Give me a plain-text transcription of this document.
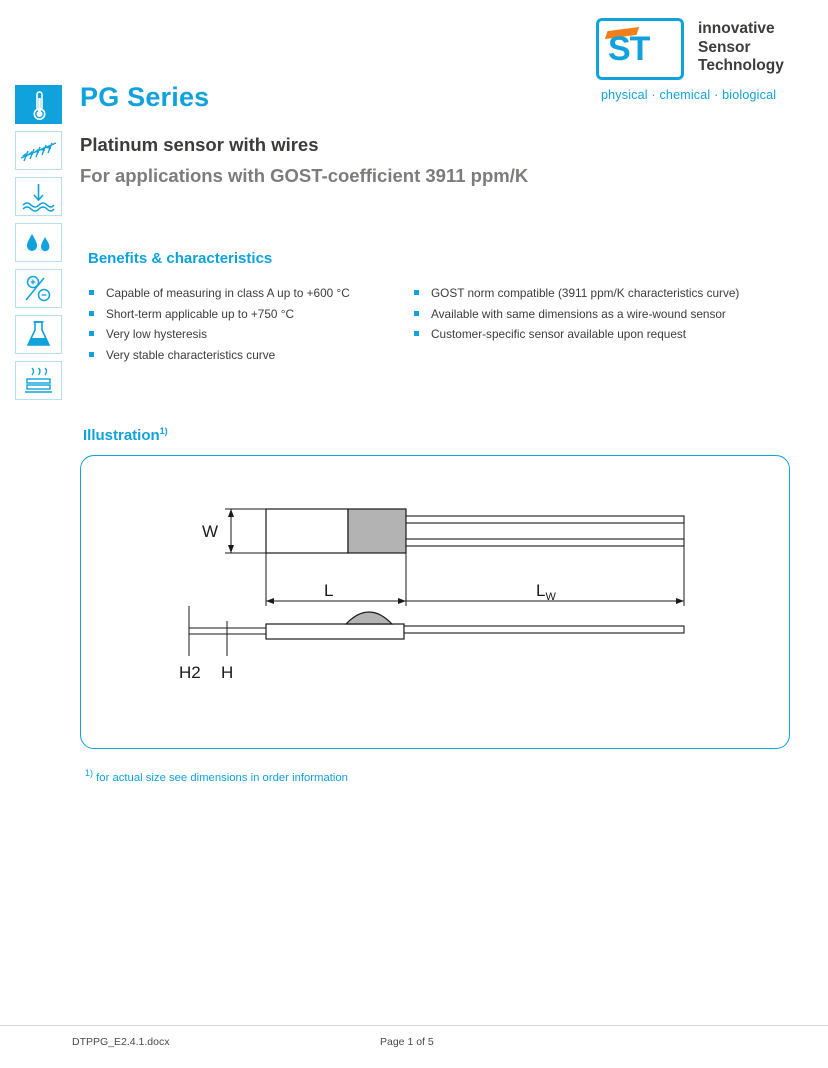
ST
innovative
Sensor
Technology
physical · chemical · biological
PG Series
Platinum sensor with wires
For applications with GOST-coefficient 3911 ppm/K
Benefits & characteristics
Capable of measuring in class A up to +600 °C
Short-term applicable up to +750 °C
Very low hysteresis
Very stable characteristics curve
GOST norm compatible (3911 ppm/K characteristics curve)
Available with same dimensions as a wire-wound sensor
Customer-specific sensor available upon request
Illustration$^{1)}$
W
L	$L_W$
H2 H
$^{1)}$ for actual size see dimensions in order information
DTPPG_E2.4.1.docx	Page 1 of 5
